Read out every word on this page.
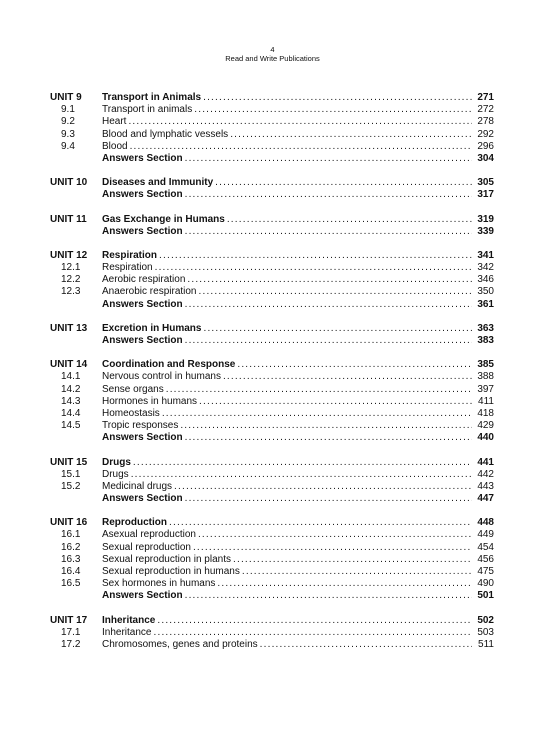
4
Read and Write Publications
UNIT 9	Transport in Animals .....	271
9.1	Transport in animals .....	272
9.2	Heart .....	278
9.3	Blood and lymphatic vessels .....	292
9.4	Blood .....	296
Answers Section .....	304
UNIT 10	Diseases and Immunity .....	305
Answers Section .....	317
UNIT 11	Gas Exchange in Humans .....	319
Answers Section .....	339
UNIT 12	Respiration .....	341
12.1	Respiration .....	342
12.2	Aerobic respiration .....	346
12.3	Anaerobic respiration .....	350
Answers Section .....	361
UNIT 13	Excretion in Humans .....	363
Answers Section .....	383
UNIT 14	Coordination and Response .....	385
14.1	Nervous control in humans .....	388
14.2	Sense organs .....	397
14.3	Hormones in humans .....	411
14.4	Homeostasis .....	418
14.5	Tropic responses .....	429
Answers Section .....	440
UNIT 15	Drugs .....	441
15.1	Drugs .....	442
15.2	Medicinal drugs .....	443
Answers Section .....	447
UNIT 16	Reproduction .....	448
16.1	Asexual reproduction .....	449
16.2	Sexual reproduction .....	454
16.3	Sexual reproduction in plants .....	456
16.4	Sexual reproduction in humans .....	475
16.5	Sex hormones in humans .....	490
Answers Section .....	501
UNIT 17	Inheritance .....	502
17.1	Inheritance .....	503
17.2	Chromosomes, genes and proteins .....	511
